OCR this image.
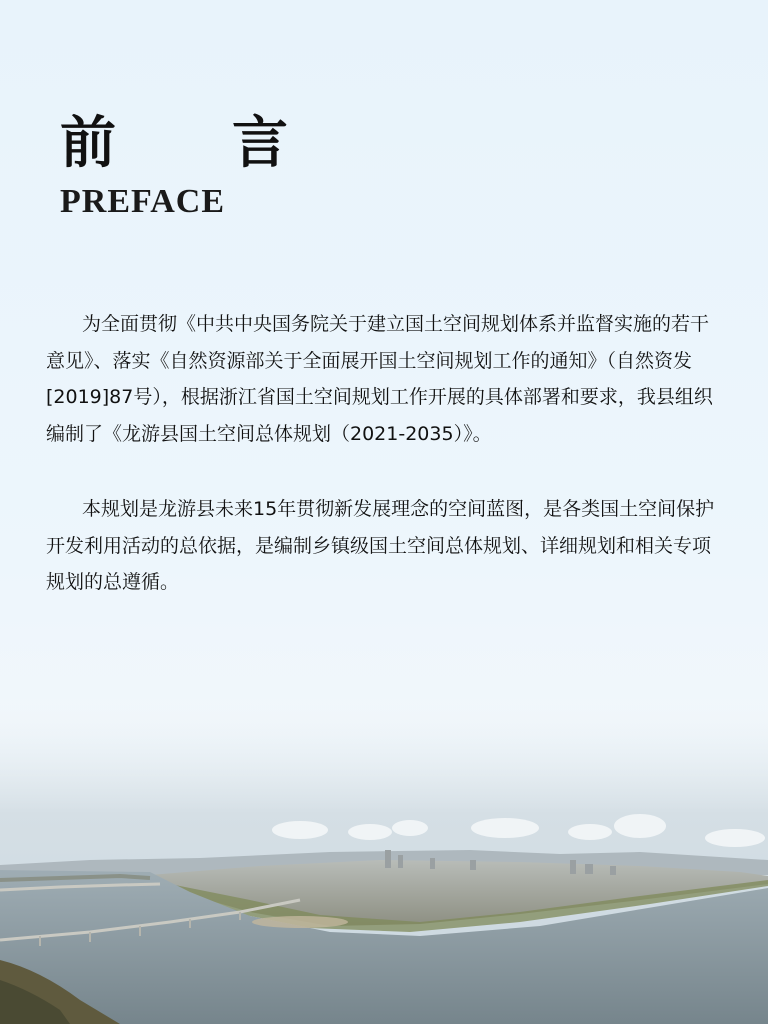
前　言
PREFACE

为全面贯彻《中共中央国务院关于建立国土空间规划体系并监督实施的若干意见》、落实《自然资源部关于全面展开国土空间规划工作的通知》（自然资发[2019]87号），根据浙江省国土空间规划工作开展的具体部署和要求，我县组织编制了《龙游县国土空间总体规划（2021-2035）》。

本规划是龙游县未来15年贯彻新发展理念的空间蓝图，是各类国土空间保护开发利用活动的总依据，是编制乡镇级国土空间总体规划、详细规划和相关专项规划的总遵循。
